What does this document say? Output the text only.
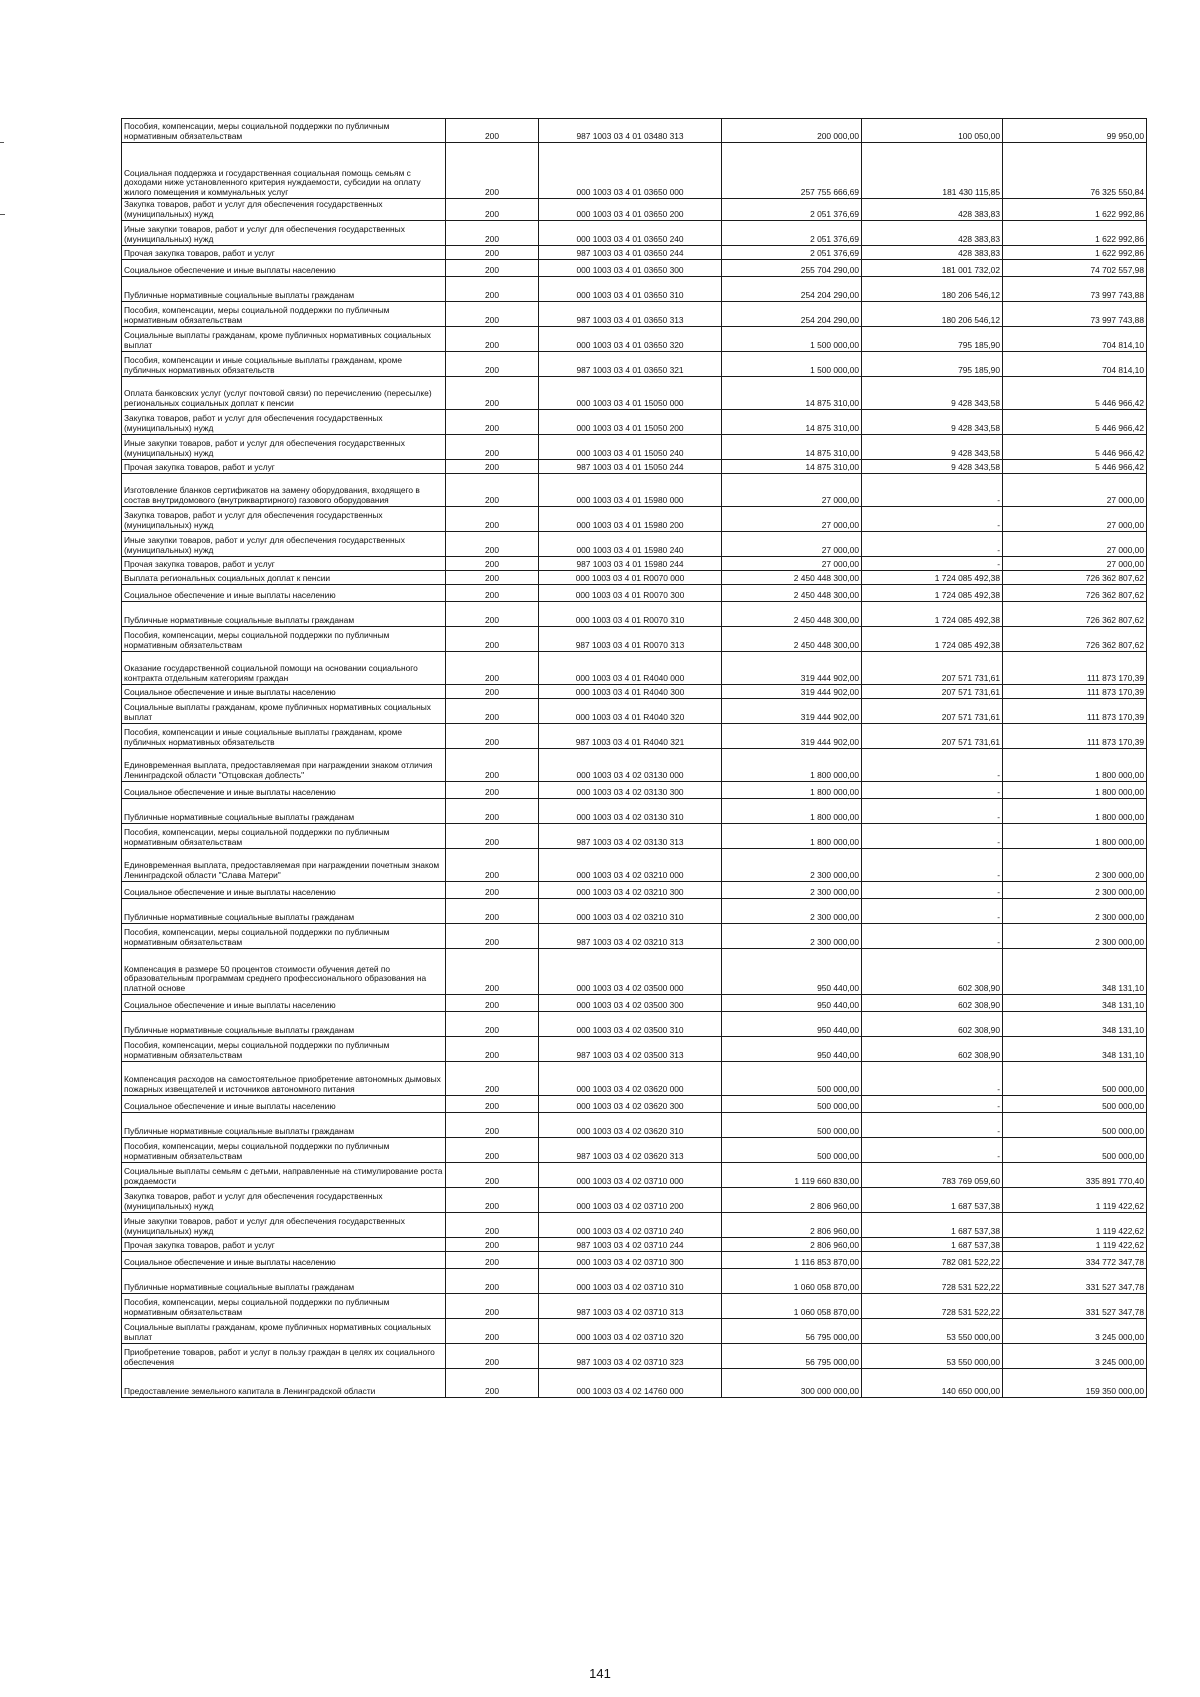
Пособия, компенсации, меры социальной поддержки по публичным нормативным обязательствам	200	987 1003 03 4 01 03480 313	200 000,00	100 050,00	99 950,00
Социальная поддержка и государственная социальная помощь семьям с доходами ниже установленного критерия нуждаемости, субсидии на оплату жилого помещения и коммунальных услуг	200	000 1003 03 4 01 03650 000	257 755 666,69	181 430 115,85	76 325 550,84
Закупка товаров, работ и услуг для обеспечения государственных (муниципальных) нужд	200	000 1003 03 4 01 03650 200	2 051 376,69	428 383,83	1 622 992,86
Иные закупки товаров, работ и услуг для обеспечения государственных (муниципальных) нужд	200	000 1003 03 4 01 03650 240	2 051 376,69	428 383,83	1 622 992,86
Прочая закупка товаров, работ и услуг	200	987 1003 03 4 01 03650 244	2 051 376,69	428 383,83	1 622 992,86
Социальное обеспечение и иные выплаты населению	200	000 1003 03 4 01 03650 300	255 704 290,00	181 001 732,02	74 702 557,98
Публичные нормативные социальные выплаты гражданам	200	000 1003 03 4 01 03650 310	254 204 290,00	180 206 546,12	73 997 743,88
Пособия, компенсации, меры социальной поддержки по публичным нормативным обязательствам	200	987 1003 03 4 01 03650 313	254 204 290,00	180 206 546,12	73 997 743,88
Социальные выплаты гражданам, кроме публичных нормативных социальных выплат	200	000 1003 03 4 01 03650 320	1 500 000,00	795 185,90	704 814,10
Пособия, компенсации и иные социальные выплаты гражданам, кроме публичных нормативных обязательств	200	987 1003 03 4 01 03650 321	1 500 000,00	795 185,90	704 814,10
Оплата банковских услуг (услуг почтовой связи) по перечислению (пересылке) региональных социальных доплат к пенсии	200	000 1003 03 4 01 15050 000	14 875 310,00	9 428 343,58	5 446 966,42
Закупка товаров, работ и услуг для обеспечения государственных (муниципальных) нужд	200	000 1003 03 4 01 15050 200	14 875 310,00	9 428 343,58	5 446 966,42
Иные закупки товаров, работ и услуг для обеспечения государственных (муниципальных) нужд	200	000 1003 03 4 01 15050 240	14 875 310,00	9 428 343,58	5 446 966,42
Прочая закупка товаров, работ и услуг	200	987 1003 03 4 01 15050 244	14 875 310,00	9 428 343,58	5 446 966,42
Изготовление бланков сертификатов на замену оборудования, входящего в состав внутридомового (внутриквартирного) газового оборудования	200	000 1003 03 4 01 15980 000	27 000,00	-	27 000,00
Закупка товаров, работ и услуг для обеспечения государственных (муниципальных) нужд	200	000 1003 03 4 01 15980 200	27 000,00	-	27 000,00
Иные закупки товаров, работ и услуг для обеспечения государственных (муниципальных) нужд	200	000 1003 03 4 01 15980 240	27 000,00	-	27 000,00
Прочая закупка товаров, работ и услуг	200	987 1003 03 4 01 15980 244	27 000,00	-	27 000,00
Выплата региональных социальных доплат к пенсии	200	000 1003 03 4 01 R0070 000	2 450 448 300,00	1 724 085 492,38	726 362 807,62
Социальное обеспечение и иные выплаты населению	200	000 1003 03 4 01 R0070 300	2 450 448 300,00	1 724 085 492,38	726 362 807,62
Публичные нормативные социальные выплаты гражданам	200	000 1003 03 4 01 R0070 310	2 450 448 300,00	1 724 085 492,38	726 362 807,62
Пособия, компенсации, меры социальной поддержки по публичным нормативным обязательствам	200	987 1003 03 4 01 R0070 313	2 450 448 300,00	1 724 085 492,38	726 362 807,62
Оказание государственной социальной помощи на основании социального контракта отдельным категориям граждан	200	000 1003 03 4 01 R4040 000	319 444 902,00	207 571 731,61	111 873 170,39
Социальное обеспечение и иные выплаты населению	200	000 1003 03 4 01 R4040 300	319 444 902,00	207 571 731,61	111 873 170,39
Социальные выплаты гражданам, кроме публичных нормативных социальных выплат	200	000 1003 03 4 01 R4040 320	319 444 902,00	207 571 731,61	111 873 170,39
Пособия, компенсации и иные социальные выплаты гражданам, кроме публичных нормативных обязательств	200	987 1003 03 4 01 R4040 321	319 444 902,00	207 571 731,61	111 873 170,39
Единовременная выплата, предоставляемая при награждении знаком отличия Ленинградской области "Отцовская доблесть"	200	000 1003 03 4 02 03130 000	1 800 000,00	-	1 800 000,00
Социальное обеспечение и иные выплаты населению	200	000 1003 03 4 02 03130 300	1 800 000,00	-	1 800 000,00
Публичные нормативные социальные выплаты гражданам	200	000 1003 03 4 02 03130 310	1 800 000,00	-	1 800 000,00
Пособия, компенсации, меры социальной поддержки по публичным нормативным обязательствам	200	987 1003 03 4 02 03130 313	1 800 000,00	-	1 800 000,00
Единовременная выплата, предоставляемая при награждении почетным знаком Ленинградской области "Слава Матери"	200	000 1003 03 4 02 03210 000	2 300 000,00	-	2 300 000,00
Социальное обеспечение и иные выплаты населению	200	000 1003 03 4 02 03210 300	2 300 000,00	-	2 300 000,00
Публичные нормативные социальные выплаты гражданам	200	000 1003 03 4 02 03210 310	2 300 000,00	-	2 300 000,00
Пособия, компенсации, меры социальной поддержки по публичным нормативным обязательствам	200	987 1003 03 4 02 03210 313	2 300 000,00	-	2 300 000,00
Компенсация в размере 50 процентов стоимости обучения детей по образовательным программам среднего профессионального образования на платной основе	200	000 1003 03 4 02 03500 000	950 440,00	602 308,90	348 131,10
Социальное обеспечение и иные выплаты населению	200	000 1003 03 4 02 03500 300	950 440,00	602 308,90	348 131,10
Публичные нормативные социальные выплаты гражданам	200	000 1003 03 4 02 03500 310	950 440,00	602 308,90	348 131,10
Пособия, компенсации, меры социальной поддержки по публичным нормативным обязательствам	200	987 1003 03 4 02 03500 313	950 440,00	602 308,90	348 131,10
Компенсация расходов на самостоятельное приобретение автономных дымовых пожарных извещателей и источников автономного питания	200	000 1003 03 4 02 03620 000	500 000,00	-	500 000,00
Социальное обеспечение и иные выплаты населению	200	000 1003 03 4 02 03620 300	500 000,00	-	500 000,00
Публичные нормативные социальные выплаты гражданам	200	000 1003 03 4 02 03620 310	500 000,00	-	500 000,00
Пособия, компенсации, меры социальной поддержки по публичным нормативным обязательствам	200	987 1003 03 4 02 03620 313	500 000,00	-	500 000,00
Социальные выплаты семьям с детьми, направленные на стимулирование роста рождаемости	200	000 1003 03 4 02 03710 000	1 119 660 830,00	783 769 059,60	335 891 770,40
Закупка товаров, работ и услуг для обеспечения государственных (муниципальных) нужд	200	000 1003 03 4 02 03710 200	2 806 960,00	1 687 537,38	1 119 422,62
Иные закупки товаров, работ и услуг для обеспечения государственных (муниципальных) нужд	200	000 1003 03 4 02 03710 240	2 806 960,00	1 687 537,38	1 119 422,62
Прочая закупка товаров, работ и услуг	200	987 1003 03 4 02 03710 244	2 806 960,00	1 687 537,38	1 119 422,62
Социальное обеспечение и иные выплаты населению	200	000 1003 03 4 02 03710 300	1 116 853 870,00	782 081 522,22	334 772 347,78
Публичные нормативные социальные выплаты гражданам	200	000 1003 03 4 02 03710 310	1 060 058 870,00	728 531 522,22	331 527 347,78
Пособия, компенсации, меры социальной поддержки по публичным нормативным обязательствам	200	987 1003 03 4 02 03710 313	1 060 058 870,00	728 531 522,22	331 527 347,78
Социальные выплаты гражданам, кроме публичных нормативных социальных выплат	200	000 1003 03 4 02 03710 320	56 795 000,00	53 550 000,00	3 245 000,00
Приобретение товаров, работ и услуг в пользу граждан в целях их социального обеспечения	200	987 1003 03 4 02 03710 323	56 795 000,00	53 550 000,00	3 245 000,00
Предоставление земельного капитала в Ленинградской области	200	000 1003 03 4 02 14760 000	300 000 000,00	140 650 000,00	159 350 000,00
141
